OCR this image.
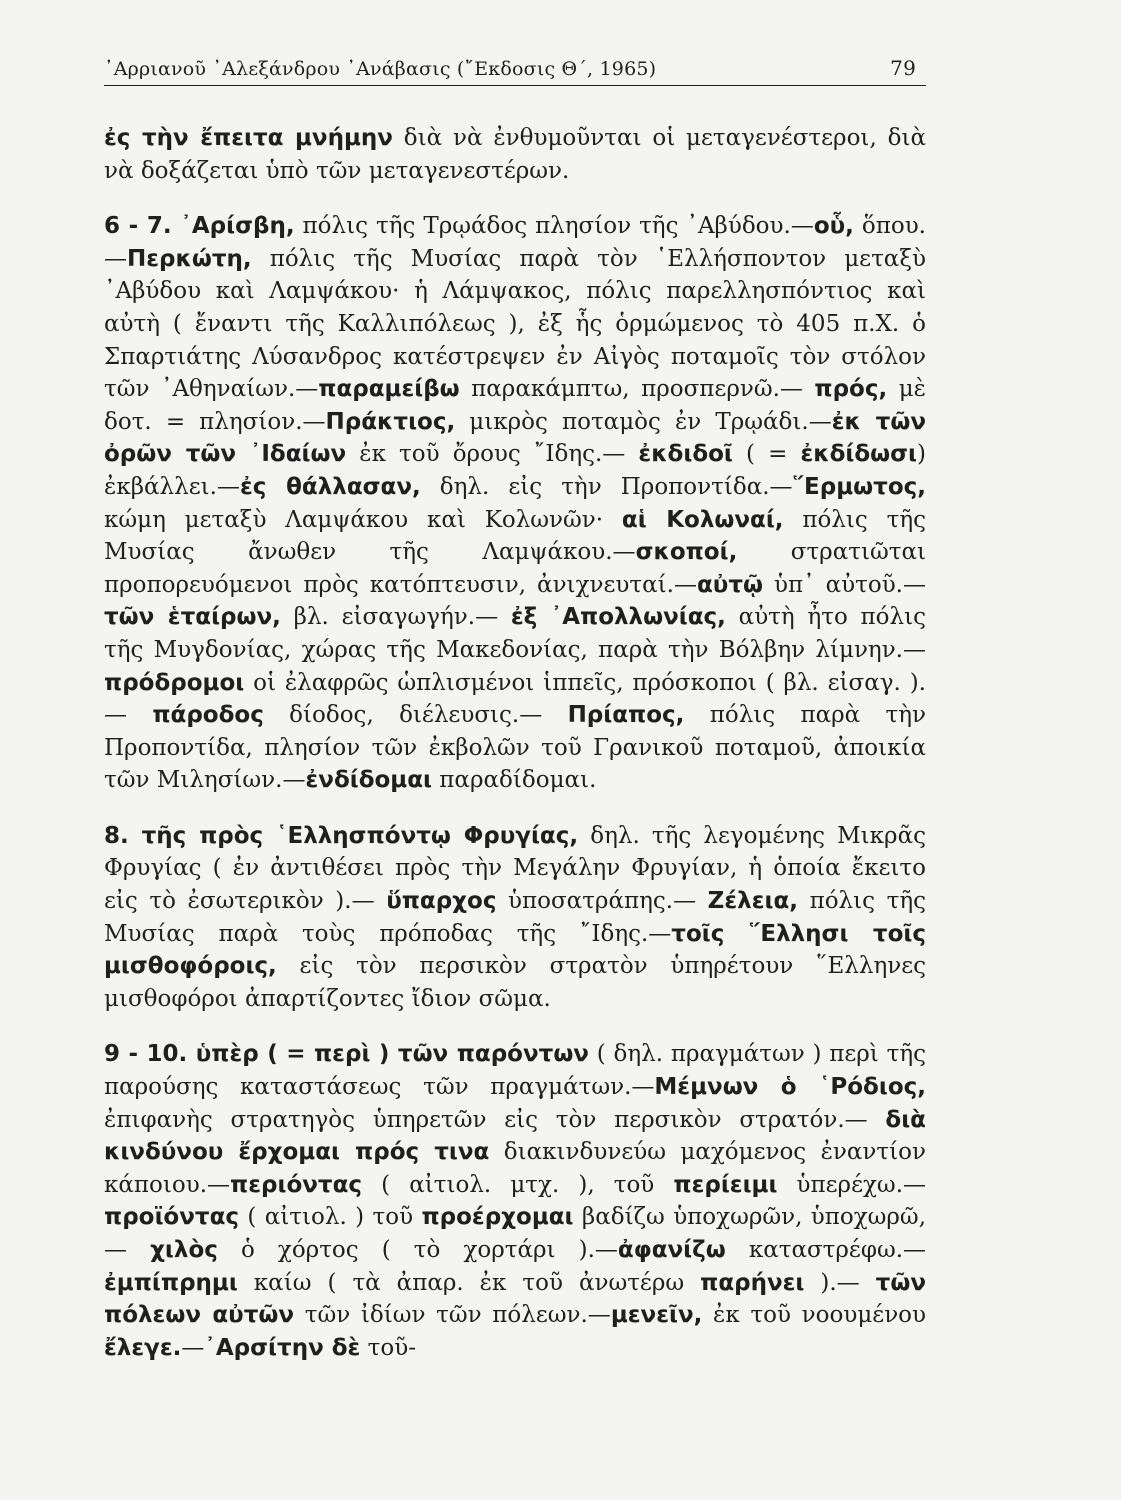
᾿Αρριανοῦ ᾿Αλεξάνδρου ᾿Ανάβασις (῎Εκδοσις Θ΄, 1965)	79

ἐς τὴν ἔπειτα μνήμην διὰ νὰ ἐνθυμοῦνται οἱ μεταγενέστεροι, διὰ νὰ δοξάζεται ὑπὸ τῶν μεταγενεστέρων.

6 - 7. ᾿Αρίσβη, πόλις τῆς Τρῳάδος πλησίον τῆς ᾿Αβύδου.—οὗ, ὅπου.—Περκώτη, πόλις τῆς Μυσίας παρὰ τὸν ῾Ελλήσποντον μεταξὺ ᾿Αβύδου καὶ Λαμψάκου· ἡ Λάμψακος, πόλις παρελλησπόντιος καὶ αὐτὴ ( ἔναντι τῆς Καλλιπόλεως ), ἐξ ἧς ὁρμώμενος τὸ 405 π.Χ. ὁ Σπαρτιάτης Λύσανδρος κατέστρεψεν ἐν Αἰγὸς ποταμοῖς τὸν στόλον τῶν ᾿Αθηναίων.—παραμείβω παρακάμπτω, προσπερνῶ.— πρός, μὲ δοτ. = πλησίον.—Πράκτιος, μικρὸς ποταμὸς ἐν Τρῳάδι.—ἐκ τῶν ὀρῶν τῶν ᾿Ιδαίων ἐκ τοῦ ὄρους ῎Ιδης.— ἐκδιδοῖ ( = ἐκδίδωσι) ἐκβάλλει.—ἐς θάλλασαν, δηλ. εἰς τὴν Προποντίδα.—῞Ερμωτος, κώμη μεταξὺ Λαμψάκου καὶ Κολωνῶν· αἱ Κολωναί, πόλις τῆς Μυσίας ἄνωθεν τῆς Λαμψάκου.—σκοποί, στρατιῶται προπορευόμενοι πρὸς κατόπτευσιν, ἀνιχνευταί.—αὐτῷ ὑπ᾿ αὐτοῦ.—τῶν ἑταίρων, βλ. εἰσαγωγήν.— ἐξ ᾿Απολλωνίας, αὐτὴ ἦτο πόλις τῆς Μυγδονίας, χώρας τῆς Μακεδονίας, παρὰ τὴν Βόλβην λίμνην.—πρόδρομοι οἱ ἐλαφρῶς ὡπλισμένοι ἱππεῖς, πρόσκοποι ( βλ. εἰσαγ. ).— πάροδος δίοδος, διέλευσις.— Πρίαπος, πόλις παρὰ τὴν Προποντίδα, πλησίον τῶν ἐκβολῶν τοῦ Γρανικοῦ ποταμοῦ, ἀποικία τῶν Μιλησίων.—ἐνδίδομαι παραδίδομαι.

8. τῆς πρὸς ῾Ελλησπόντῳ Φρυγίας, δηλ. τῆς λεγομένης Μικρᾶς Φρυγίας ( ἐν ἀντιθέσει πρὸς τὴν Μεγάλην Φρυγίαν, ἡ ὁποία ἔκειτο εἰς τὸ ἐσωτερικὸν ).— ὕπαρχος ὑποσατράπης.— Ζέλεια, πόλις τῆς Μυσίας παρὰ τοὺς πρόποδας τῆς ῎Ιδης.—τοῖς ῞Ελλησι τοῖς μισθοφόροις, εἰς τὸν περσικὸν στρατὸν ὑπηρέτουν ῞Ελληνες μισθοφόροι ἀπαρτίζοντες ἴδιον σῶμα.

9 - 10. ὑπὲρ ( = περὶ ) τῶν παρόντων ( δηλ. πραγμάτων ) περὶ τῆς παρούσης καταστάσεως τῶν πραγμάτων.—Μέμνων ὁ ῾Ρόδιος, ἐπιφανὴς στρατηγὸς ὑπηρετῶν εἰς τὸν περσικὸν στρατόν.— διὰ κινδύνου ἔρχομαι πρός τινα διακινδυνεύω μαχόμενος ἐναντίον κάποιου.—περιόντας ( αἰτιολ. μτχ. ), τοῦ περίειμι ὑπερέχω.—προϊόντας ( αἰτιολ. ) τοῦ προέρχομαι βαδίζω ὑποχωρῶν, ὑποχωρῶ,— χιλὸς ὁ χόρτος ( τὸ χορτάρι ).—ἀφανίζω καταστρέφω.—ἐμπίπρημι καίω ( τὰ ἀπαρ. ἐκ τοῦ ἀνωτέρω παρήνει ).— τῶν πόλεων αὐτῶν τῶν ἰδίων τῶν πόλεων.—μενεῖν, ἐκ τοῦ νοουμένου ἔλεγε.—᾿Αρσίτην δὲ τοῦ-
